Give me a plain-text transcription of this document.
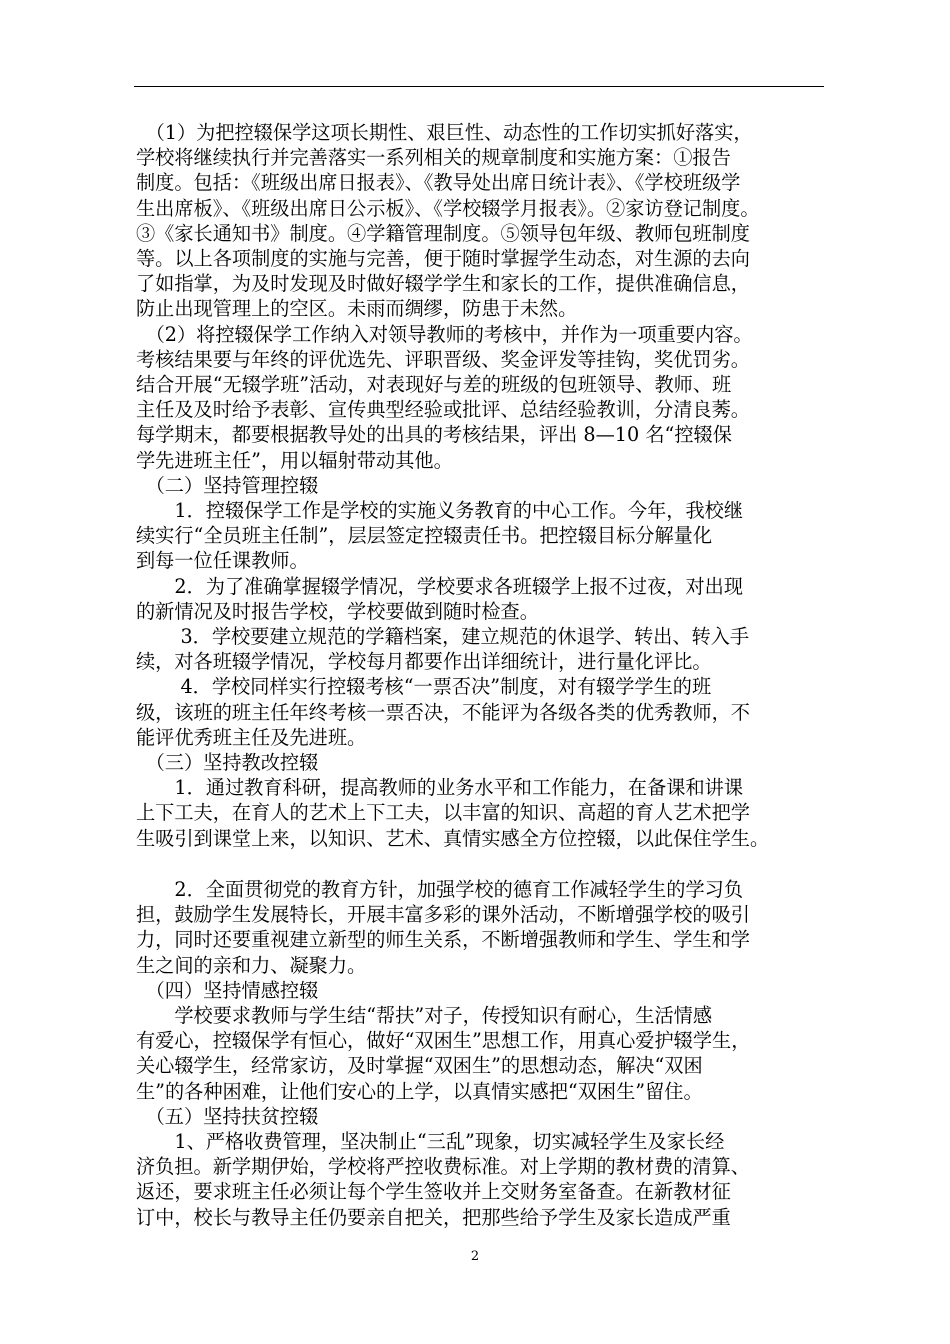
　（1）为把控辍保学这项长期性、艰巨性、动态性的工作切实抓好落实，
学校将继续执行并完善落实一系列相关的规章制度和实施方案：①报告
制度。包括：《班级出席日报表》、《教导处出席日统计表》、《学校班级学
生出席板》、《班级出席日公示板》、《学校辍学月报表》。②家访登记制度。
③《家长通知书》制度。④学籍管理制度。⑤领导包年级、教师包班制度
等。以上各项制度的实施与完善，便于随时掌握学生动态，对生源的去向
了如指掌，为及时发现及时做好辍学学生和家长的工作，提供准确信息，
防止出现管理上的空区。未雨而绸缪，防患于未然。
　（2）将控辍保学工作纳入对领导教师的考核中，并作为一项重要内容。
考核结果要与年终的评优选先、评职晋级、奖金评发等挂钩，奖优罚劣。
结合开展“无辍学班”活动，对表现好与差的班级的包班领导、教师、班
主任及及时给予表彰、宣传典型经验或批评、总结经验教训，分清良莠。
每学期末，都要根据教导处的出具的考核结果，评出 8—10 名“控辍保
学先进班主任”，用以辐射带动其他。
　（二）坚持管理控辍
　　1．控辍保学工作是学校的实施义务教育的中心工作。今年，我校继
续实行“全员班主任制”，层层签定控辍责任书。把控辍目标分解量化
到每一位任课教师。
　　2．为了准确掌握辍学情况，学校要求各班辍学上报不过夜，对出现
的新情况及时报告学校，学校要做到随时检查。
　　 3．学校要建立规范的学籍档案，建立规范的休退学、转出、转入手
续，对各班辍学情况，学校每月都要作出详细统计，进行量化评比。
　　 4．学校同样实行控辍考核“一票否决”制度，对有辍学学生的班
级，该班的班主任年终考核一票否决，不能评为各级各类的优秀教师，不
能评优秀班主任及先进班。
　（三）坚持教改控辍
　　1．通过教育科研，提高教师的业务水平和工作能力，在备课和讲课
上下工夫，在育人的艺术上下工夫，以丰富的知识、高超的育人艺术把学
生吸引到课堂上来，以知识、艺术、真情实感全方位控辍，以此保住学生。
　　2．全面贯彻党的教育方针，加强学校的德育工作减轻学生的学习负
担，鼓励学生发展特长，开展丰富多彩的课外活动，不断增强学校的吸引
力，同时还要重视建立新型的师生关系，不断增强教师和学生、学生和学
生之间的亲和力、凝聚力。
　（四）坚持情感控辍
　　学校要求教师与学生结“帮扶”对子，传授知识有耐心，生活情感
有爱心，控辍保学有恒心，做好“双困生”思想工作，用真心爱护辍学生，
关心辍学生，经常家访，及时掌握“双困生”的思想动态，解决“双困
生”的各种困难，让他们安心的上学，以真情实感把“双困生”留住。
　（五）坚持扶贫控辍
　　1、严格收费管理，坚决制止“三乱”现象，切实减轻学生及家长经
济负担。新学期伊始，学校将严控收费标准。对上学期的教材费的清算、
返还，要求班主任必须让每个学生签收并上交财务室备查。在新教材征
订中，校长与教导主任仍要亲自把关，把那些给予学生及家长造成严重
2
